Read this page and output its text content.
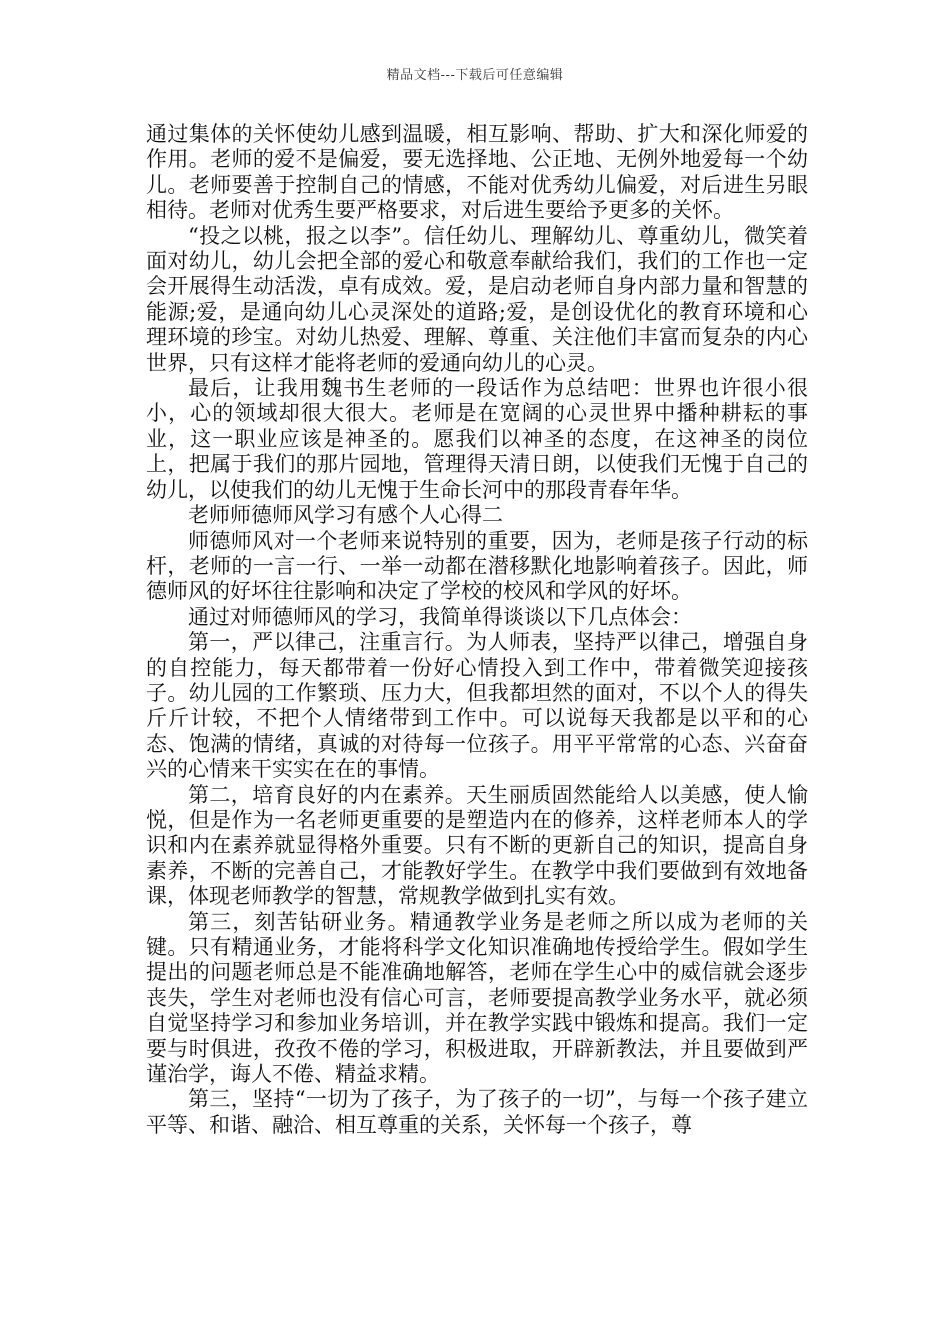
精品文档---下载后可任意编辑

通过集体的关怀使幼儿感到温暖，相互影响、帮助、扩大和深化师爱的作用。老师的爱不是偏爱，要无选择地、公正地、无例外地爱每一个幼儿。老师要善于控制自己的情感，不能对优秀幼儿偏爱，对后进生另眼相待。老师对优秀生要严格要求，对后进生要给予更多的关怀。

“投之以桃，报之以李”。信任幼儿、理解幼儿、尊重幼儿，微笑着面对幼儿，幼儿会把全部的爱心和敬意奉献给我们，我们的工作也一定会开展得生动活泼，卓有成效。爱，是启动老师自身内部力量和智慧的能源;爱，是通向幼儿心灵深处的道路;爱，是创设优化的教育环境和心理环境的珍宝。对幼儿热爱、理解、尊重、关注他们丰富而复杂的内心世界，只有这样才能将老师的爱通向幼儿的心灵。

最后，让我用魏书生老师的一段话作为总结吧：世界也许很小很小，心的领域却很大很大。老师是在宽阔的心灵世界中播种耕耘的事业，这一职业应该是神圣的。愿我们以神圣的态度，在这神圣的岗位上，把属于我们的那片园地，管理得天清日朗，以使我们无愧于自己的幼儿，以使我们的幼儿无愧于生命长河中的那段青春年华。

老师师德师风学习有感个人心得二

师德师风对一个老师来说特别的重要，因为，老师是孩子行动的标杆，老师的一言一行、一举一动都在潜移默化地影响着孩子。因此，师德师风的好坏往往影响和决定了学校的校风和学风的好坏。

通过对师德师风的学习，我简单得谈谈以下几点体会：

第一，严以律己，注重言行。为人师表，坚持严以律己，增强自身的自控能力，每天都带着一份好心情投入到工作中，带着微笑迎接孩子。幼儿园的工作繁琐、压力大，但我都坦然的面对，不以个人的得失斤斤计较，不把个人情绪带到工作中。可以说每天我都是以平和的心态、饱满的情绪，真诚的对待每一位孩子。用平平常常的心态、兴奋奋兴的心情来干实实在在的事情。

第二，培育良好的内在素养。天生丽质固然能给人以美感，使人愉悦，但是作为一名老师更重要的是塑造内在的修养，这样老师本人的学识和内在素养就显得格外重要。只有不断的更新自己的知识，提高自身素养，不断的完善自己，才能教好学生。在教学中我们要做到有效地备课，体现老师教学的智慧，常规教学做到扎实有效。

第三，刻苦钻研业务。精通教学业务是老师之所以成为老师的关键。只有精通业务，才能将科学文化知识准确地传授给学生。假如学生提出的问题老师总是不能准确地解答，老师在学生心中的威信就会逐步丧失，学生对老师也没有信心可言，老师要提高教学业务水平，就必须自觉坚持学习和参加业务培训，并在教学实践中锻炼和提高。我们一定要与时俱进，孜孜不倦的学习，积极进取，开辟新教法，并且要做到严谨治学，诲人不倦、精益求精。

第三，坚持“一切为了孩子，为了孩子的一切”，与每一个孩子建立平等、和谐、融洽、相互尊重的关系，关怀每一个孩子，尊
